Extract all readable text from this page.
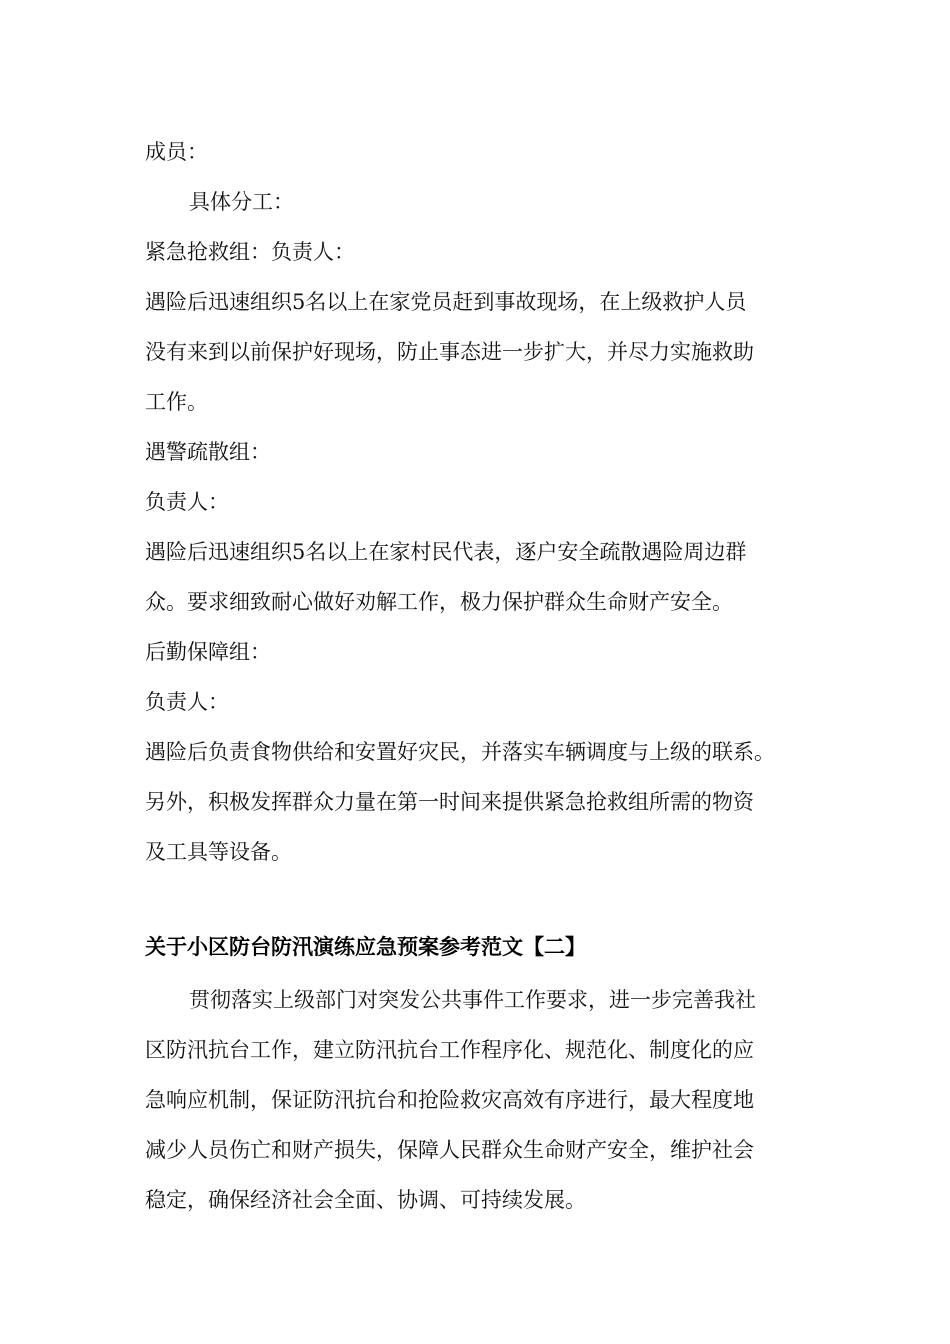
成员：

具体分工：

紧急抢救组：负责人：

遇险后迅速组织5名以上在家党员赶到事故现场，在上级救护人员

没有来到以前保护好现场，防止事态进一步扩大，并尽力实施救助

工作。

遇警疏散组：

负责人：

遇险后迅速组织5名以上在家村民代表，逐户安全疏散遇险周边群

众。要求细致耐心做好劝解工作，极力保护群众生命财产安全。

后勤保障组：

负责人：

遇险后负责食物供给和安置好灾民，并落实车辆调度与上级的联系。

另外，积极发挥群众力量在第一时间来提供紧急抢救组所需的物资

及工具等设备。

关于小区防台防汛演练应急预案参考范文【二】

贯彻落实上级部门对突发公共事件工作要求，进一步完善我社

区防汛抗台工作，建立防汛抗台工作程序化、规范化、制度化的应

急响应机制，保证防汛抗台和抢险救灾高效有序进行，最大程度地

减少人员伤亡和财产损失，保障人民群众生命财产安全，维护社会

稳定，确保经济社会全面、协调、可持续发展。
